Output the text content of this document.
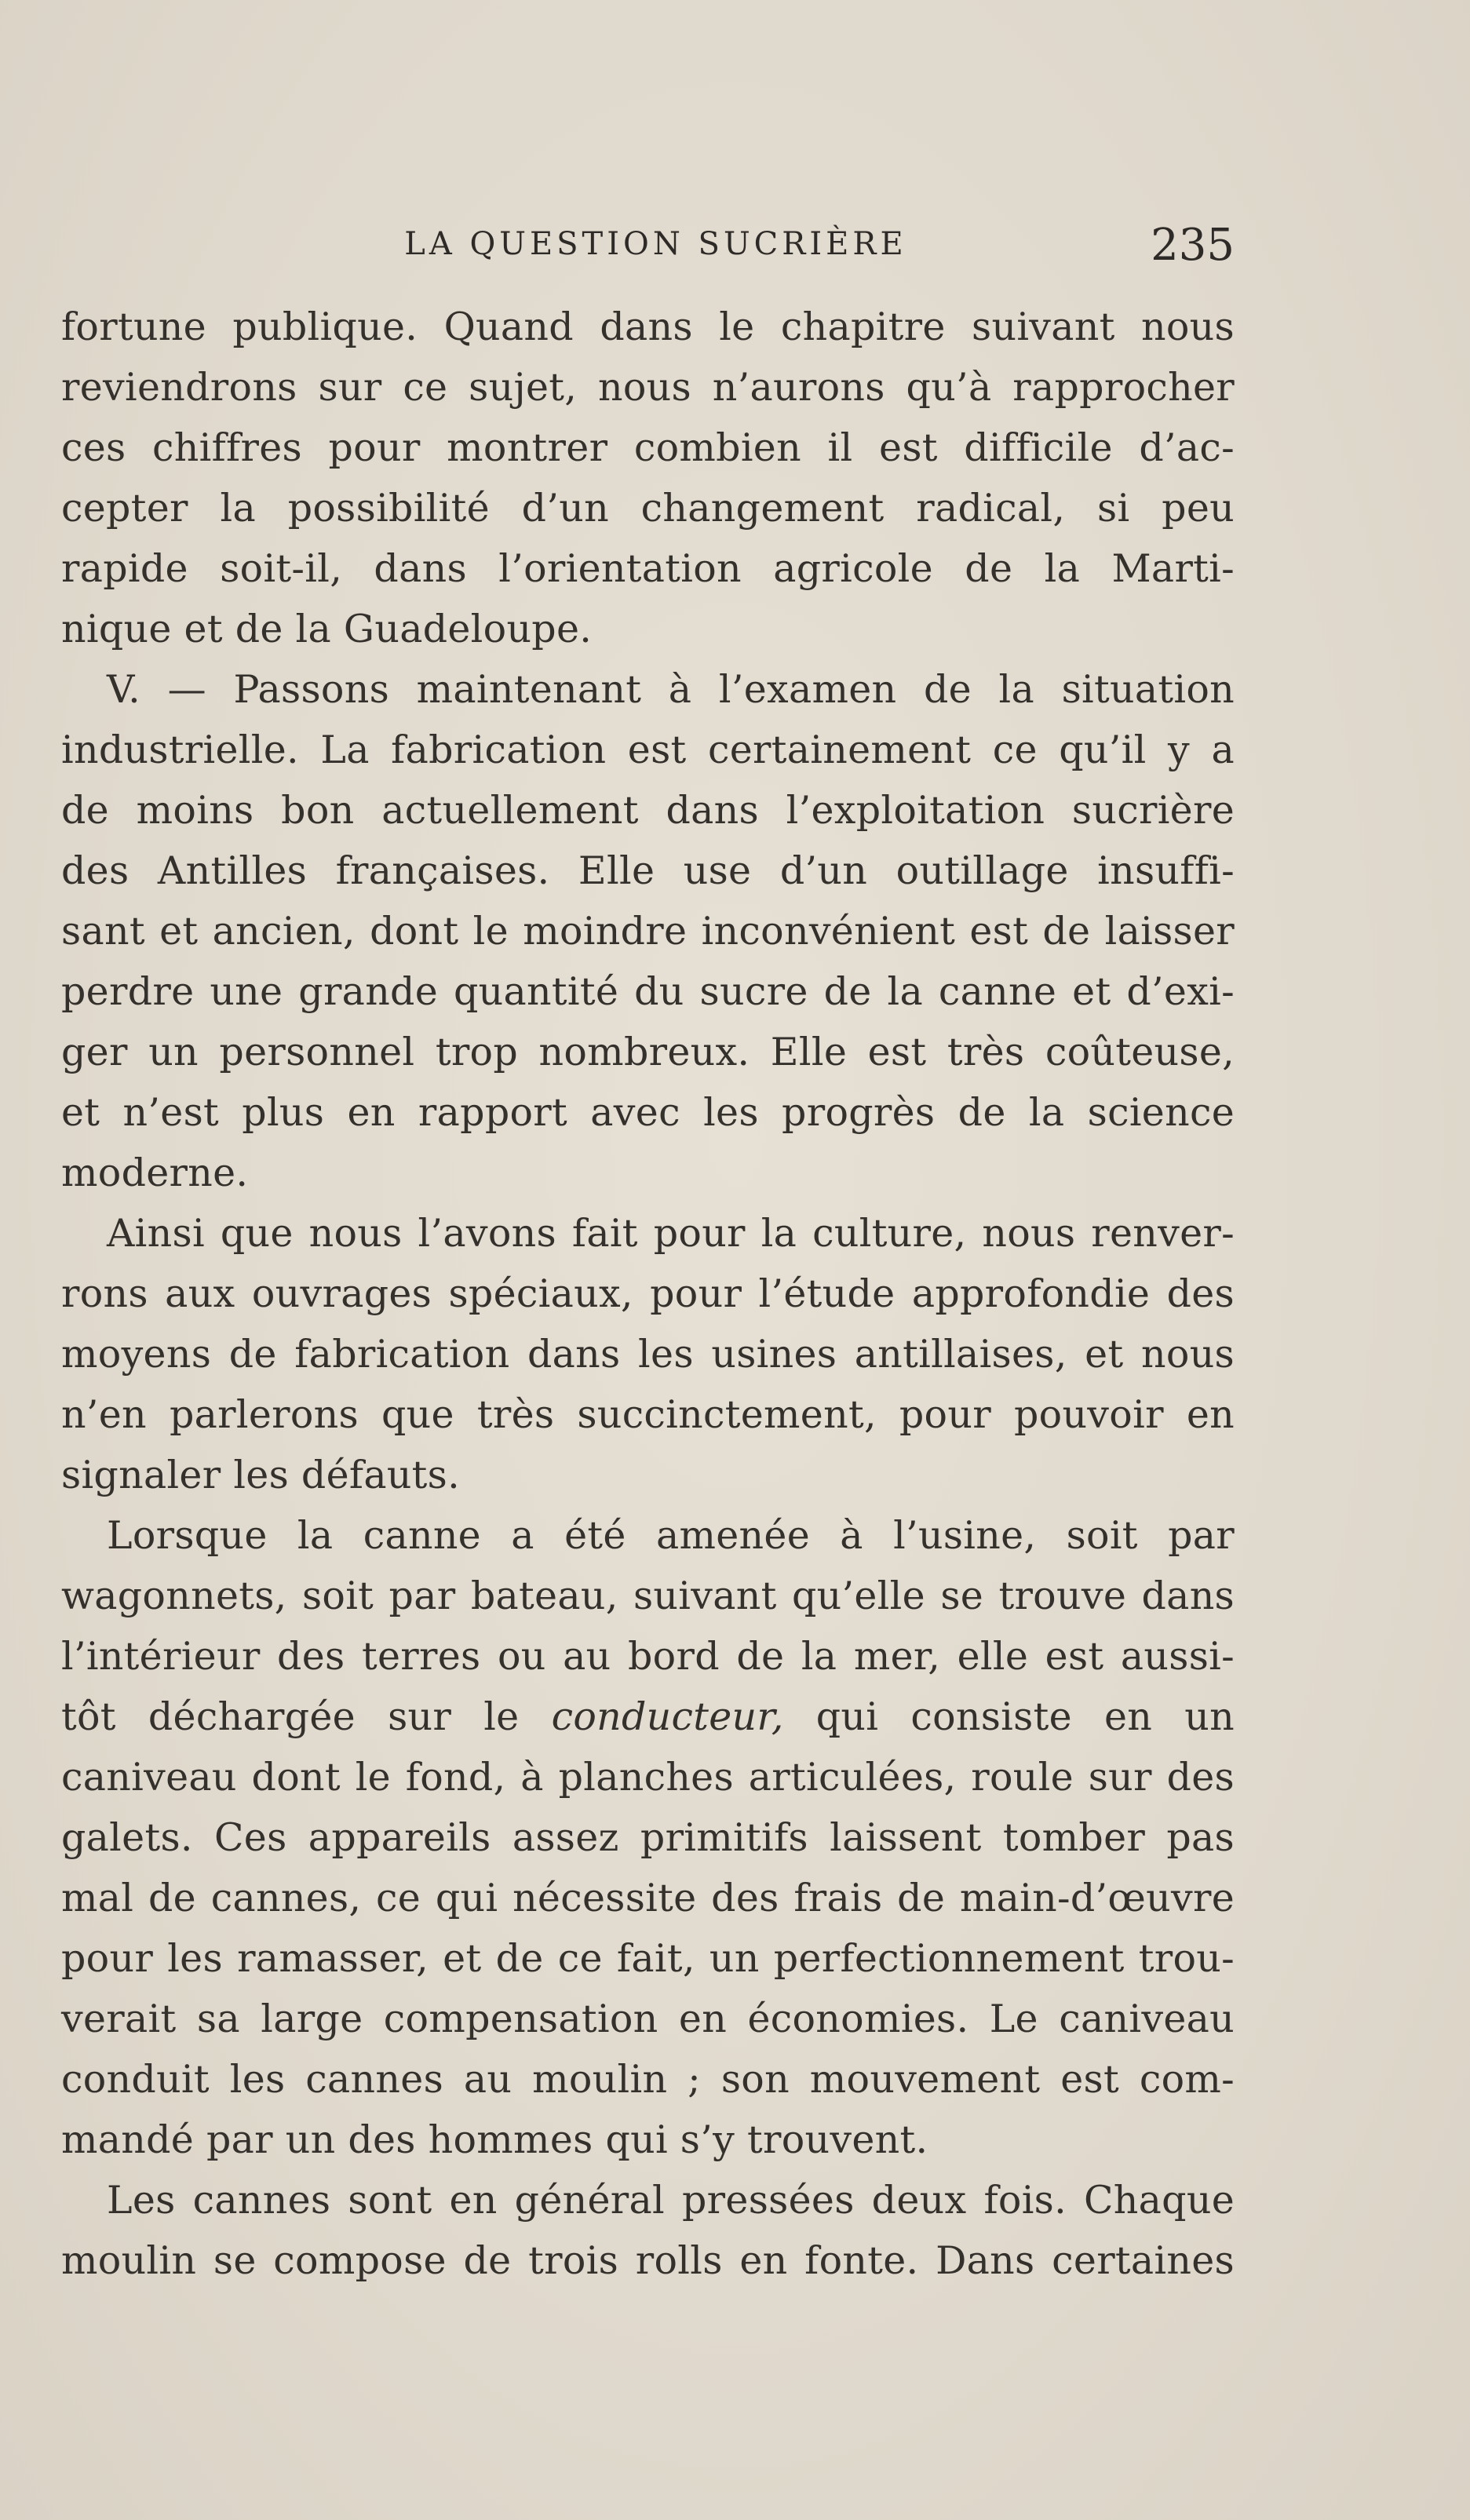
LA QUESTION SUCRIÈRE	235
fortune publique. Quand dans le chapitre suivant nous
reviendrons sur ce sujet, nous n’aurons qu’à rapprocher
ces chiffres pour montrer combien il est difficile d’ac-
cepter la possibilité d’un changement radical, si peu
rapide soit-il, dans l’orientation agricole de la Marti-
nique et de la Guadeloupe.
V. — Passons maintenant à l’examen de la situation
industrielle. La fabrication est certainement ce qu’il y a
de moins bon actuellement dans l’exploitation sucrière
des Antilles françaises. Elle use d’un outillage insuffi-
sant et ancien, dont le moindre inconvénient est de laisser
perdre une grande quantité du sucre de la canne et d’exi-
ger un personnel trop nombreux. Elle est très coûteuse,
et n’est plus en rapport avec les progrès de la science
moderne.
Ainsi que nous l’avons fait pour la culture, nous renver-
rons aux ouvrages spéciaux, pour l’étude approfondie des
moyens de fabrication dans les usines antillaises, et nous
n’en parlerons que très succinctement, pour pouvoir en
signaler les défauts.
Lorsque la canne a été amenée à l’usine, soit par
wagonnets, soit par bateau, suivant qu’elle se trouve dans
l’intérieur des terres ou au bord de la mer, elle est aussi-
tôt déchargée sur le conducteur, qui consiste en un
caniveau dont le fond, à planches articulées, roule sur des
galets. Ces appareils assez primitifs laissent tomber pas
mal de cannes, ce qui nécessite des frais de main-d’œuvre
pour les ramasser, et de ce fait, un perfectionnement trou-
verait sa large compensation en économies. Le caniveau
conduit les cannes au moulin ; son mouvement est com-
mandé par un des hommes qui s’y trouvent.
Les cannes sont en général pressées deux fois. Chaque
moulin se compose de trois rolls en fonte. Dans certaines
